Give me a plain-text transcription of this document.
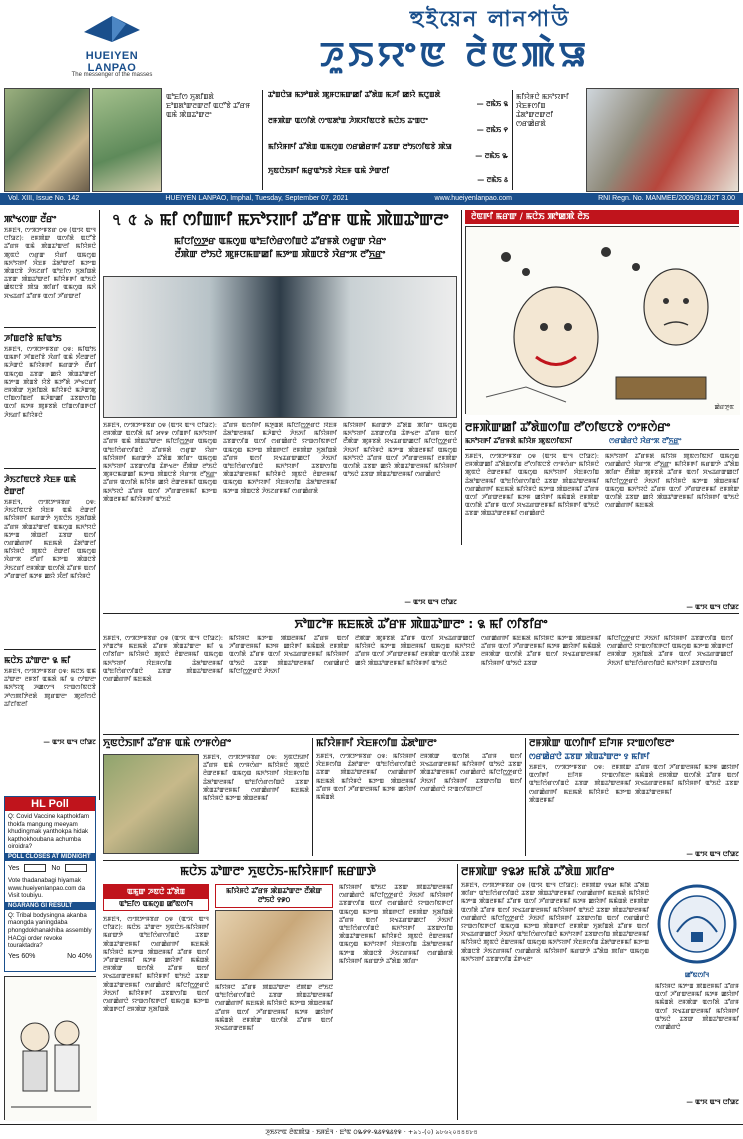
HUEIYEN LANPAO
The messenger of the masses
হুইয়েন লানপাউ
ꯍꯨꯏꯌꯦꯟ ꯂꯥꯟꯄꯥꯎ
ꯑꯣꯐꯤꯁ ꯈꯨꯗꯤꯡꯗꯥ ꯐꯣꯡꯗꯣꯛꯂꯛꯂꯤ ꯑꯅꯧꯕꯥ ꯊꯧꯔꯝ ꯑꯃꯥ ꯄꯥꯡꯊꯣꯛꯂꯦ
ꯊꯣꯡꯅꯥꯎ ꯃꯇꯣꯡꯗꯥ ꯄꯨꯝꯅꯃꯛꯀꯤ ꯊꯧꯗꯥꯡ ꯃꯍꯤ ꯀꯌꯥ ꯃꯅꯨꯡꯗꯥ
— ꯂꯃꯥꯏ ꯲
ꯂꯝꯄꯥꯛ ꯑꯁꯤꯗꯥ ꯁꯦꯟꯗꯣꯡ ꯍꯥꯞꯆꯤꯟꯅꯕꯥ ꯃꯅꯥꯏ ꯊꯦꯡꯅꯦ
— ꯂꯃꯥꯏ ꯵
ꯃꯤꯌꯥꯝꯒꯤ ꯊꯧꯗꯥꯡ ꯑꯃꯁꯨꯡ ꯁꯔꯀꯥꯔꯒꯤ ꯊꯕꯛ ꯂꯣꯏꯁꯤꯟꯕꯥ ꯄꯥꯎ
— ꯂꯃꯥꯏ ꯳
ꯈꯨꯟꯅꯥꯏꯒꯤ ꯃꯔꯨꯑꯣꯏꯕꯥ ꯋꯥꯐꯝ ꯑꯃꯥ ꯇꯥꯛꯂꯤ
— ꯂꯃꯥꯏ ꯴
ꯃꯤꯌꯥꯝꯅꯥ ꯃꯈꯣꯌꯒꯤ ꯋꯥꯐꯝꯁꯤꯡ ꯊꯥꯗꯣꯛꯂꯛꯂꯤ ꯁꯔꯀꯥꯔꯗꯥ
Vol. XIII, Issue No. 142	HUEIYEN LANPAO, Imphal, Tuesday, September 07, 2021	www.hueiyenlanpao.com	RNI Regn. No. MANMEE/2009/31282T 3.00
ꯄꯣꯠꯁꯛ ꯂꯩꯔꯦ
ꯏꯝꯐꯥꯜ, ꯁꯦꯞꯇꯦꯝꯕꯔ ꯰꯶ (ꯑꯦꯆ ꯑꯦꯜ ꯅꯤꯎꯖ): ꯂꯝꯄꯥꯛ ꯑꯁꯤꯗꯥ ꯑꯅꯧꯕꯥ ꯊꯧꯔꯝ ꯑꯃꯥ ꯄꯥꯡꯊꯣꯛꯂꯤ ꯃꯤꯌꯥꯝꯅꯥ ꯄꯨꯟꯅꯥ ꯁꯔꯨꯛ ꯌꯥꯔꯤ ꯑꯃꯁꯨꯡ ꯃꯈꯣꯌꯒꯤ ꯋꯥꯐꯝ ꯊꯥꯗꯣꯛꯂꯤ ꯃꯇꯦꯡ ꯄꯥꯡꯅꯕꯥ ꯍꯥꯏꯖꯔꯤ ꯑꯣꯐꯤꯁ ꯈꯨꯗꯤꯡꯗꯥ ꯊꯕꯛ ꯄꯥꯡꯊꯣꯛꯂꯤ ꯃꯤꯌꯥꯝꯒꯤ ꯑꯣꯏꯅꯥ ꯀꯥꯟꯅꯕꯥ ꯄꯥꯎ ꯄꯤꯔꯤ ꯑꯃꯁꯨꯡ ꯃꯈꯥ ꯆꯠꯊꯔꯤ ꯊꯧꯔꯝ ꯑꯁꯤ ꯍꯧꯔꯛꯂꯤ
ꯍꯤꯡꯂꯤꯕꯥ ꯃꯤꯑꯣꯏ
ꯏꯝꯐꯥꯜ, ꯁꯦꯞꯇꯦꯝꯕꯔ ꯰꯶: ꯃꯤꯑꯣꯏ ꯑꯃꯒꯤ ꯍꯤꯡꯂꯤꯕꯥ ꯋꯥꯔꯤ ꯑꯃꯥ ꯈꯪꯂꯛꯂꯤ ꯃꯍꯥꯛꯅꯥ ꯃꯤꯌꯥꯝꯒꯤ ꯃꯔꯛꯇꯥ ꯂꯩꯔꯤ ꯑꯃꯁꯨꯡ ꯊꯕꯛ ꯀꯌꯥ ꯄꯥꯡꯊꯣꯛꯂꯤ ꯃꯇꯦꯡ ꯄꯥꯡꯕꯥ ꯌꯥꯕꯥ ꯃꯇꯧꯗꯥ ꯍꯣꯠꯅꯔꯤ ꯂꯝꯄꯥꯛ ꯈꯨꯗꯤꯡꯗꯥ ꯃꯤꯌꯥꯝꯅꯥ ꯃꯍꯥꯛꯄꯨ ꯅꯤꯡꯁꯤꯡꯂꯤ ꯃꯍꯥꯛꯀꯤ ꯊꯕꯛꯁꯤꯡ ꯑꯁꯤ ꯃꯇꯝ ꯄꯨꯝꯕꯗꯥ ꯅꯤꯡꯁꯤꯡꯒꯅꯤ ꯍꯥꯏꯔꯤ ꯃꯤꯌꯥꯝꯅꯥ
ꯍꯥꯏꯖꯤꯟꯅꯕꯥ ꯋꯥꯐꯝ ꯑꯃꯥ ꯂꯥꯛꯂꯤ
ꯏꯝꯐꯥꯜ, ꯁꯦꯞꯇꯦꯝꯕꯔ ꯰꯶: ꯍꯥꯏꯖꯤꯟꯅꯕꯥ ꯋꯥꯐꯝ ꯑꯃꯥ ꯂꯥꯛꯂꯤ ꯃꯤꯌꯥꯝꯒꯤ ꯃꯔꯛꯇꯥ ꯈꯨꯟꯅꯥꯏ ꯈꯨꯗꯤꯡꯗꯥ ꯊꯧꯔꯝ ꯄꯥꯡꯊꯣꯛꯂꯤ ꯑꯃꯁꯨꯡ ꯃꯈꯣꯌꯅꯥ ꯃꯇꯦꯡ ꯄꯥꯡꯂꯤ ꯊꯕꯛ ꯑꯁꯤ ꯁꯔꯀꯥꯔꯒꯤ ꯃꯐꯃꯗꯥ ꯊꯥꯗꯣꯛꯂꯤ ꯃꯤꯌꯥꯝꯅꯥ ꯄꯨꯟꯅꯥ ꯂꯥꯛꯂꯤ ꯑꯃꯁꯨꯡ ꯋꯥꯔꯦꯞ ꯂꯧꯔꯤ ꯃꯇꯦꯡ ꯄꯥꯡꯅꯕꯥ ꯍꯥꯏꯖꯔꯤ ꯂꯝꯄꯥꯛ ꯑꯁꯤꯗꯥ ꯊꯧꯔꯝ ꯑꯁꯤ ꯍꯧꯔꯛꯂꯤ ꯃꯇꯝ ꯀꯌꯥ ꯆꯪꯂꯤ ꯃꯤꯌꯥꯝꯅꯥ
ꯃꯅꯥꯏ ꯊꯣꯛꯂꯦ ꯲ ꯃꯤ
ꯏꯝꯐꯥꯜ, ꯁꯦꯞꯇꯦꯝꯕꯔ ꯰꯶: ꯃꯅꯥꯏ ꯑꯃꯥ ꯊꯣꯛꯂꯦ ꯂꯝꯕꯤ ꯑꯃꯗꯥ ꯃꯤ ꯲ ꯁꯣꯛꯂꯦ ꯃꯈꯣꯌꯕꯨ ꯍꯀꯁꯦꯜ ꯌꯦꯡꯁꯤꯟꯅꯕꯥ ꯍꯣꯁꯄꯤꯇꯥꯂꯗꯥ ꯄꯨꯔꯛꯂꯦ ꯄꯨꯂꯤꯁꯅꯥ ꯊꯤꯖꯤꯟꯂꯤ
— ꯑꯦꯆ ꯑꯦꯜ ꯅꯤꯎꯖ
৭ ৫ ৯ ꯃꯤ ꯁꯤꯡꯒꯤ ꯃꯈꯣꯌꯒꯤ ꯊꯧꯔꯝ ꯑꯃꯥ ꯄꯥꯡꯊꯣꯛꯂꯦ
ꯃꯤꯅꯤꯁ꯭ꯇꯔ ꯑꯃꯁꯨꯡ ꯑꯣꯐꯤꯁꯥꯔꯁꯤꯡꯅꯥ ꯊꯧꯔꯝꯗꯥ ꯁꯔꯨꯛ ꯌꯥꯔꯦ
ꯂꯩꯄꯥꯛ ꯂꯣꯏꯅꯥ ꯄꯨꯝꯅꯃꯛꯀꯤ ꯃꯇꯦꯡ ꯄꯥꯡꯅꯕꯥ ꯋꯥꯔꯦꯞ ꯂꯧꯈ꯭ꯔꯦ
ꯏꯝꯐꯥꯜ, ꯁꯦꯞꯇꯦꯝꯕꯔ ꯰꯶ (ꯑꯦꯆ ꯑꯦꯜ ꯅꯤꯎꯖ): ꯂꯝꯄꯥꯛ ꯑꯁꯤꯗꯥ ꯃꯤ ꯷꯵꯹ ꯁꯤꯡꯒꯤ ꯃꯈꯣꯌꯒꯤ ꯊꯧꯔꯝ ꯑꯃꯥ ꯄꯥꯡꯊꯣꯛꯂꯦ ꯃꯤꯅꯤꯁ꯭ꯇꯔ ꯑꯃꯁꯨꯡ ꯑꯣꯐꯤꯁꯥꯔꯁꯤꯡꯅꯥ ꯊꯧꯔꯝꯗꯥ ꯁꯔꯨꯛ ꯌꯥꯔꯦ ꯃꯤꯌꯥꯝꯒꯤ ꯃꯔꯛꯇꯥ ꯊꯧꯗꯥꯡ ꯄꯤꯔꯦ ꯑꯃꯁꯨꯡ ꯃꯈꯣꯌꯒꯤ ꯊꯕꯛꯁꯤꯡ ꯊꯥꯒꯠꯂꯦ ꯂꯩꯄꯥꯛ ꯂꯣꯏꯅꯥ ꯄꯨꯝꯅꯃꯛꯀꯤ ꯃꯇꯦꯡ ꯄꯥꯡꯅꯕꯥ ꯋꯥꯔꯦꯞ ꯂꯧꯈ꯭ꯔꯦ ꯊꯧꯔꯝ ꯑꯁꯤꯗꯥ ꯃꯤꯌꯥꯝ ꯀꯌꯥ ꯂꯥꯛꯂꯝꯃꯤ ꯑꯃꯁꯨꯡ ꯃꯈꯣꯌꯅꯥ ꯊꯧꯔꯝ ꯑꯁꯤ ꯍꯧꯔꯛꯂꯝꯃꯤ ꯃꯇꯦꯡ ꯄꯥꯡꯂꯝꯃꯤ ꯃꯤꯌꯥꯝꯒꯤ ꯑꯣꯏꯅꯥ
ꯊꯧꯔꯝ ꯑꯁꯤꯒꯤ ꯃꯇꯨꯡꯗꯥ ꯃꯤꯅꯤꯁ꯭ꯇꯔꯅꯥ ꯋꯥꯐꯝ ꯊꯥꯗꯣꯛꯂꯝꯃꯤ ꯃꯍꯥꯛꯅꯥ ꯍꯥꯏꯈꯤ ꯃꯤꯌꯥꯝꯒꯤ ꯊꯕꯛꯁꯤꯡ ꯑꯁꯤ ꯁꯔꯀꯥꯔꯅꯥ ꯌꯦꯡꯁꯤꯟꯒꯅꯤ ꯑꯃꯁꯨꯡ ꯃꯇꯦꯡ ꯄꯥꯡꯒꯅꯤ ꯂꯝꯄꯥꯛ ꯈꯨꯗꯤꯡꯗꯥ ꯊꯧꯔꯝ ꯑꯁꯤ ꯆꯠꯊꯔꯛꯀꯅꯤ ꯍꯥꯏꯈꯤ ꯑꯣꯐꯤꯁꯥꯔꯁꯤꯡꯅꯥ ꯃꯈꯣꯌꯒꯤ ꯊꯕꯛꯁꯤꯡ ꯄꯥꯡꯊꯣꯛꯂꯝꯃꯤ ꯃꯤꯌꯥꯝꯅꯥ ꯄꯨꯟꯅꯥ ꯂꯥꯛꯂꯝꯃꯤ ꯑꯃꯁꯨꯡ ꯃꯈꯣꯌꯒꯤ ꯋꯥꯐꯝꯁꯤꯡ ꯊꯥꯗꯣꯛꯂꯝꯃꯤ ꯃꯇꯦꯡ ꯄꯥꯡꯅꯕꯥ ꯍꯥꯏꯖꯔꯝꯃꯤ ꯁꯔꯀꯥꯔꯗꯥ
ꯃꯤꯌꯥꯝꯒꯤ ꯃꯔꯛꯇꯥ ꯊꯧꯗꯥꯡ ꯄꯤꯔꯦ ꯑꯃꯁꯨꯡ ꯃꯈꯣꯌꯒꯤ ꯊꯕꯛꯁꯤꯡ ꯊꯥꯒꯠꯂꯦ ꯊꯧꯔꯝ ꯑꯁꯤ ꯂꯩꯄꯥꯛ ꯄꯨꯝꯕꯗꯥ ꯆꯠꯊꯔꯛꯀꯅꯤ ꯃꯤꯅꯤꯁ꯭ꯇꯔꯅꯥ ꯍꯥꯏꯈꯤ ꯃꯤꯌꯥꯝꯅꯥ ꯃꯇꯦꯡ ꯄꯥꯡꯂꯝꯃꯤ ꯑꯃꯁꯨꯡ ꯃꯈꯣꯌꯅꯥ ꯊꯧꯔꯝ ꯑꯁꯤ ꯍꯧꯔꯛꯂꯝꯃꯤ ꯂꯝꯄꯥꯛ ꯑꯁꯤꯗꯥ ꯊꯕꯛ ꯀꯌꯥ ꯄꯥꯡꯊꯣꯛꯂꯝꯃꯤ ꯃꯤꯌꯥꯝꯒꯤ ꯑꯣꯏꯅꯥ ꯊꯕꯛ ꯄꯥꯡꯊꯣꯛꯂꯝꯃꯤ ꯁꯔꯀꯥꯔꯅꯥ
— ꯑꯦꯆ ꯑꯦꯜ ꯅꯤꯎꯖ
ꯂꯥꯟꯒꯤ ꯃꯔꯛ / ꯃꯅꯥꯏ ꯄꯣꯀꯄꯥ ꯂꯥꯏ
ꯀꯥꯔꯇꯨꯟ
ꯂꯝꯄꯥꯛꯀꯤ ꯊꯧꯗꯥꯡꯁꯤꯡ ꯂꯧꯁꯤꯟꯅꯕꯥ ꯁꯦꯝꯁꯥꯔꯦ
ꯃꯈꯣꯌꯒꯤ ꯊꯧꯔꯝꯗꯥ ꯃꯤꯌꯥꯝ ꯄꯨꯟꯁꯤꯟꯈꯤ	ꯁꯔꯀꯥꯔꯅꯥ ꯋꯥꯔꯦꯞ ꯂꯧꯈ꯭ꯔꯦ
ꯏꯝꯐꯥꯜ, ꯁꯦꯞꯇꯦꯝꯕꯔ ꯰꯶ (ꯑꯦꯆ ꯑꯦꯜ ꯅꯤꯎꯖ): ꯂꯝꯄꯥꯛꯀꯤ ꯊꯧꯗꯥꯡꯁꯤꯡ ꯂꯧꯁꯤꯟꯅꯕꯥ ꯁꯦꯝꯁꯥꯔꯦ ꯃꯤꯌꯥꯝꯅꯥ ꯄꯨꯟꯅꯥ ꯂꯥꯛꯂꯝꯃꯤ ꯑꯃꯁꯨꯡ ꯃꯈꯣꯌꯒꯤ ꯋꯥꯐꯝꯁꯤꯡ ꯊꯥꯗꯣꯛꯂꯝꯃꯤ ꯑꯣꯐꯤꯁꯥꯔꯁꯤꯡꯅꯥ ꯊꯕꯛ ꯄꯥꯡꯊꯣꯛꯂꯝꯃꯤ ꯁꯔꯀꯥꯔꯒꯤ ꯃꯐꯃꯗꯥ ꯃꯤꯌꯥꯝꯅꯥ ꯃꯇꯦꯡ ꯄꯥꯡꯂꯝꯃꯤ ꯊꯧꯔꯝ ꯑꯁꯤ ꯍꯧꯔꯛꯂꯝꯃꯤ ꯃꯇꯝ ꯀꯌꯥꯒꯤ ꯃꯃꯥꯡꯗꯥ ꯂꯝꯄꯥꯛ ꯑꯁꯤꯗꯥ ꯊꯧꯔꯝ ꯑꯁꯤ ꯆꯠꯊꯔꯛꯂꯝꯃꯤ ꯃꯤꯌꯥꯝꯒꯤ ꯑꯣꯏꯅꯥ ꯊꯕꯛ ꯄꯥꯡꯊꯣꯛꯂꯝꯃꯤ ꯁꯔꯀꯥꯔꯅꯥ
ꯃꯈꯣꯌꯒꯤ ꯊꯧꯔꯝꯗꯥ ꯃꯤꯌꯥꯝ ꯄꯨꯟꯁꯤꯟꯈꯤ ꯑꯃꯁꯨꯡ ꯁꯔꯀꯥꯔꯅꯥ ꯋꯥꯔꯦꯞ ꯂꯧꯈ꯭ꯔꯦ ꯃꯤꯌꯥꯝꯒꯤ ꯃꯔꯛꯇꯥ ꯊꯧꯗꯥꯡ ꯄꯤꯔꯦ ꯂꯩꯄꯥꯛ ꯄꯨꯝꯕꯗꯥ ꯊꯧꯔꯝ ꯑꯁꯤ ꯆꯠꯊꯔꯛꯀꯅꯤ ꯃꯤꯅꯤꯁ꯭ꯇꯔꯅꯥ ꯍꯥꯏꯈꯤ ꯃꯤꯌꯥꯝꯅꯥ ꯃꯇꯦꯡ ꯄꯥꯡꯂꯝꯃꯤ ꯑꯃꯁꯨꯡ ꯃꯈꯣꯌꯅꯥ ꯊꯧꯔꯝ ꯑꯁꯤ ꯍꯧꯔꯛꯂꯝꯃꯤ ꯂꯝꯄꯥꯛ ꯑꯁꯤꯗꯥ ꯊꯕꯛ ꯀꯌꯥ ꯄꯥꯡꯊꯣꯛꯂꯝꯃꯤ ꯃꯤꯌꯥꯝꯒꯤ ꯑꯣꯏꯅꯥ ꯁꯔꯀꯥꯔꯒꯤ ꯃꯐꯃꯗꯥ
— ꯑꯦꯆ ꯑꯦꯜ ꯅꯤꯎꯖ
ꯈꯣꯡꯖꯣꯝ ꯃꯐꯃꯗꯥ ꯊꯧꯔꯝ ꯄꯥꯡꯊꯣꯛꯂꯦ : ꯲ ꯃꯤ ꯁꯤꯕꯤꯔꯦ
ꯏꯝꯐꯥꯜ, ꯁꯦꯞꯇꯦꯝꯕꯔ ꯰꯶ (ꯑꯦꯆ ꯑꯦꯜ ꯅꯤꯎꯖ): ꯈꯣꯡꯖꯣꯝ ꯃꯐꯃꯗꯥ ꯊꯧꯔꯝ ꯄꯥꯡꯊꯣꯛꯂꯦ ꯃꯤ ꯲ ꯁꯤꯕꯤꯔꯦ ꯃꯤꯌꯥꯝꯅꯥ ꯄꯨꯟꯅꯥ ꯂꯥꯛꯂꯝꯃꯤ ꯑꯃꯁꯨꯡ ꯃꯈꯣꯌꯒꯤ ꯋꯥꯐꯝꯁꯤꯡ ꯊꯥꯗꯣꯛꯂꯝꯃꯤ ꯑꯣꯐꯤꯁꯥꯔꯁꯤꯡꯅꯥ ꯊꯕꯛ ꯄꯥꯡꯊꯣꯛꯂꯝꯃꯤ ꯁꯔꯀꯥꯔꯒꯤ ꯃꯐꯃꯗꯥ
ꯃꯤꯌꯥꯝꯅꯥ ꯃꯇꯦꯡ ꯄꯥꯡꯂꯝꯃꯤ ꯊꯧꯔꯝ ꯑꯁꯤ ꯍꯧꯔꯛꯂꯝꯃꯤ ꯃꯇꯝ ꯀꯌꯥꯒꯤ ꯃꯃꯥꯡꯗꯥ ꯂꯝꯄꯥꯛ ꯑꯁꯤꯗꯥ ꯊꯧꯔꯝ ꯑꯁꯤ ꯆꯠꯊꯔꯛꯂꯝꯃꯤ ꯃꯤꯌꯥꯝꯒꯤ ꯑꯣꯏꯅꯥ ꯊꯕꯛ ꯄꯥꯡꯊꯣꯛꯂꯝꯃꯤ ꯁꯔꯀꯥꯔꯅꯥ ꯃꯤꯅꯤꯁ꯭ꯇꯔꯅꯥ ꯍꯥꯏꯈꯤ
ꯂꯩꯄꯥꯛ ꯄꯨꯝꯕꯗꯥ ꯊꯧꯔꯝ ꯑꯁꯤ ꯆꯠꯊꯔꯛꯀꯅꯤ ꯃꯤꯌꯥꯝꯅꯥ ꯃꯇꯦꯡ ꯄꯥꯡꯂꯝꯃꯤ ꯑꯃꯁꯨꯡ ꯃꯈꯣꯌꯅꯥ ꯊꯧꯔꯝ ꯑꯁꯤ ꯍꯧꯔꯛꯂꯝꯃꯤ ꯂꯝꯄꯥꯛ ꯑꯁꯤꯗꯥ ꯊꯕꯛ ꯀꯌꯥ ꯄꯥꯡꯊꯣꯛꯂꯝꯃꯤ ꯃꯤꯌꯥꯝꯒꯤ ꯑꯣꯏꯅꯥ
ꯁꯔꯀꯥꯔꯒꯤ ꯃꯐꯃꯗꯥ ꯃꯤꯌꯥꯝꯅꯥ ꯃꯇꯦꯡ ꯄꯥꯡꯂꯝꯃꯤ ꯊꯧꯔꯝ ꯑꯁꯤ ꯍꯧꯔꯛꯂꯝꯃꯤ ꯃꯇꯝ ꯀꯌꯥꯒꯤ ꯃꯃꯥꯡꯗꯥ ꯂꯝꯄꯥꯛ ꯑꯁꯤꯗꯥ ꯊꯧꯔꯝ ꯑꯁꯤ ꯆꯠꯊꯔꯛꯂꯝꯃꯤ ꯃꯤꯌꯥꯝꯒꯤ ꯑꯣꯏꯅꯥ ꯊꯕꯛ
ꯃꯤꯅꯤꯁ꯭ꯇꯔꯅꯥ ꯍꯥꯏꯈꯤ ꯃꯤꯌꯥꯝꯒꯤ ꯊꯕꯛꯁꯤꯡ ꯑꯁꯤ ꯁꯔꯀꯥꯔꯅꯥ ꯌꯦꯡꯁꯤꯟꯒꯅꯤ ꯑꯃꯁꯨꯡ ꯃꯇꯦꯡ ꯄꯥꯡꯒꯅꯤ ꯂꯝꯄꯥꯛ ꯈꯨꯗꯤꯡꯗꯥ ꯊꯧꯔꯝ ꯑꯁꯤ ꯆꯠꯊꯔꯛꯀꯅꯤ ꯍꯥꯏꯈꯤ ꯑꯣꯐꯤꯁꯥꯔꯁꯤꯡꯅꯥ ꯃꯈꯣꯌꯒꯤ ꯊꯕꯛꯁꯤꯡ
ꯈꯨꯟꯅꯥꯏꯒꯤ ꯊꯧꯔꯝ ꯑꯃꯥ ꯁꯦꯝꯁꯥꯔꯦ
ꯏꯝꯐꯥꯜ, ꯁꯦꯞꯇꯦꯝꯕꯔ ꯰꯶: ꯈꯨꯟꯅꯥꯏꯒꯤ ꯊꯧꯔꯝ ꯑꯃꯥ ꯁꯦꯝꯁꯥꯔꯦ ꯃꯤꯌꯥꯝꯅꯥ ꯄꯨꯟꯅꯥ ꯂꯥꯛꯂꯝꯃꯤ ꯑꯃꯁꯨꯡ ꯃꯈꯣꯌꯒꯤ ꯋꯥꯐꯝꯁꯤꯡ ꯊꯥꯗꯣꯛꯂꯝꯃꯤ ꯑꯣꯐꯤꯁꯥꯔꯁꯤꯡꯅꯥ ꯊꯕꯛ ꯄꯥꯡꯊꯣꯛꯂꯝꯃꯤ ꯁꯔꯀꯥꯔꯒꯤ ꯃꯐꯃꯗꯥ ꯃꯤꯌꯥꯝꯅꯥ ꯃꯇꯦꯡ ꯄꯥꯡꯂꯝꯃꯤ
ꯃꯤꯌꯥꯝꯒꯤ ꯋꯥꯐꯝꯁꯤꯡ ꯊꯥꯗꯣꯛꯂꯦ
ꯏꯝꯐꯥꯜ, ꯁꯦꯞꯇꯦꯝꯕꯔ ꯰꯶: ꯃꯤꯌꯥꯝꯒꯤ ꯋꯥꯐꯝꯁꯤꯡ ꯊꯥꯗꯣꯛꯂꯦ ꯑꯣꯐꯤꯁꯥꯔꯁꯤꯡꯅꯥ ꯊꯕꯛ ꯄꯥꯡꯊꯣꯛꯂꯝꯃꯤ ꯁꯔꯀꯥꯔꯒꯤ ꯃꯐꯃꯗꯥ ꯃꯤꯌꯥꯝꯅꯥ ꯃꯇꯦꯡ ꯄꯥꯡꯂꯝꯃꯤ ꯊꯧꯔꯝ ꯑꯁꯤ ꯍꯧꯔꯛꯂꯝꯃꯤ ꯃꯇꯝ ꯀꯌꯥꯒꯤ ꯃꯃꯥꯡꯗꯥ
ꯂꯝꯄꯥꯛ ꯑꯁꯤꯗꯥ ꯊꯧꯔꯝ ꯑꯁꯤ ꯆꯠꯊꯔꯛꯂꯝꯃꯤ ꯃꯤꯌꯥꯝꯒꯤ ꯑꯣꯏꯅꯥ ꯊꯕꯛ ꯄꯥꯡꯊꯣꯛꯂꯝꯃꯤ ꯁꯔꯀꯥꯔꯅꯥ ꯃꯤꯅꯤꯁ꯭ꯇꯔꯅꯥ ꯍꯥꯏꯈꯤ ꯃꯤꯌꯥꯝꯒꯤ ꯊꯕꯛꯁꯤꯡ ꯑꯁꯤ ꯁꯔꯀꯥꯔꯅꯥ ꯌꯦꯡꯁꯤꯟꯒꯅꯤ
ꯂꯝꯄꯥꯛ ꯑꯁꯤꯒꯤ ꯐꯤꯚꯝ ꯌꯦꯡꯁꯤꯟꯂꯦ
ꯁꯔꯀꯥꯔꯅꯥ ꯊꯕꯛ ꯄꯥꯡꯊꯣꯛꯂꯦ ꯱ ꯃꯤꯒꯤ
ꯏꯝꯐꯥꯜ, ꯁꯦꯞꯇꯦꯝꯕꯔ ꯰꯶: ꯂꯝꯄꯥꯛ ꯑꯁꯤꯒꯤ ꯐꯤꯚꯝ ꯌꯦꯡꯁꯤꯟꯂꯦ ꯑꯣꯐꯤꯁꯥꯔꯁꯤꯡꯅꯥ ꯊꯕꯛ ꯄꯥꯡꯊꯣꯛꯂꯝꯃꯤ ꯁꯔꯀꯥꯔꯒꯤ ꯃꯐꯃꯗꯥ ꯃꯤꯌꯥꯝꯅꯥ ꯃꯇꯦꯡ ꯄꯥꯡꯂꯝꯃꯤ
ꯊꯧꯔꯝ ꯑꯁꯤ ꯍꯧꯔꯛꯂꯝꯃꯤ ꯃꯇꯝ ꯀꯌꯥꯒꯤ ꯃꯃꯥꯡꯗꯥ ꯂꯝꯄꯥꯛ ꯑꯁꯤꯗꯥ ꯊꯧꯔꯝ ꯑꯁꯤ ꯆꯠꯊꯔꯛꯂꯝꯃꯤ ꯃꯤꯌꯥꯝꯒꯤ ꯑꯣꯏꯅꯥ ꯊꯕꯛ ꯄꯥꯡꯊꯣꯛꯂꯝꯃꯤ
— ꯑꯦꯆ ꯑꯦꯜ ꯅꯤꯎꯖ
HL Poll
Q: Covid Vaccine kapthokfam thokfa mangung meeyam khudingmak yanthokpa hidak kapthokhoubana achumba oiroidra?
POLL CLOSES AT MIDNIGHT
Yes	No
Vote thadanabagi hiyamak www.hueiyenlanpao.com da Visit toubiyu.
NGARANG GI RESULT
Q: Tribal bodysingna akanba maongda yaningdaba phongdokhanakhiba assembly HACgi order revoke touraktadra?
Yes 60%	No 40%
ꯃꯅꯥꯏ ꯊꯣꯛꯂꯦ ꯈꯨꯟꯅꯥꯏ-ꯃꯤꯌꯥꯝꯒꯤ ꯃꯔꯛꯇꯥ
ꯑꯃꯨꯛ ꯍꯟꯅꯥ ꯊꯧꯗꯥꯡ
ꯑꯣꯐꯤꯁ ꯑꯃꯁꯨꯡ ꯀꯧꯟꯁꯤꯜ
ꯏꯝꯐꯥꯜ, ꯁꯦꯞꯇꯦꯝꯕꯔ ꯰꯶ (ꯑꯦꯆ ꯑꯦꯜ ꯅꯤꯎꯖ): ꯃꯅꯥꯏ ꯊꯣꯛꯂꯦ ꯈꯨꯟꯅꯥꯏ-ꯃꯤꯌꯥꯝꯒꯤ ꯃꯔꯛꯇꯥ ꯑꯣꯐꯤꯁꯥꯔꯁꯤꯡꯅꯥ ꯊꯕꯛ ꯄꯥꯡꯊꯣꯛꯂꯝꯃꯤ ꯁꯔꯀꯥꯔꯒꯤ ꯃꯐꯃꯗꯥ ꯃꯤꯌꯥꯝꯅꯥ ꯃꯇꯦꯡ ꯄꯥꯡꯂꯝꯃꯤ ꯊꯧꯔꯝ ꯑꯁꯤ ꯍꯧꯔꯛꯂꯝꯃꯤ ꯃꯇꯝ ꯀꯌꯥꯒꯤ ꯃꯃꯥꯡꯗꯥ ꯂꯝꯄꯥꯛ ꯑꯁꯤꯗꯥ ꯊꯧꯔꯝ ꯑꯁꯤ ꯆꯠꯊꯔꯛꯂꯝꯃꯤ ꯃꯤꯌꯥꯝꯒꯤ ꯑꯣꯏꯅꯥ ꯊꯕꯛ ꯄꯥꯡꯊꯣꯛꯂꯝꯃꯤ ꯁꯔꯀꯥꯔꯅꯥ ꯃꯤꯅꯤꯁ꯭ꯇꯔꯅꯥ ꯍꯥꯏꯈꯤ ꯃꯤꯌꯥꯝꯒꯤ ꯊꯕꯛꯁꯤꯡ ꯑꯁꯤ ꯁꯔꯀꯥꯔꯅꯥ ꯌꯦꯡꯁꯤꯟꯒꯅꯤ ꯑꯃꯁꯨꯡ ꯃꯇꯦꯡ ꯄꯥꯡꯒꯅꯤ ꯂꯝꯄꯥꯛ ꯈꯨꯗꯤꯡꯗꯥ
ꯃꯤꯌꯥꯝꯅꯥ ꯊꯧꯔꯝ ꯄꯥꯡꯊꯣꯛꯂꯦ ꯂꯩꯄꯥꯛ ꯂꯣꯏꯅꯥ ꯱꯹꯰
ꯃꯤꯌꯥꯝꯅꯥ ꯊꯧꯔꯝ ꯄꯥꯡꯊꯣꯛꯂꯦ ꯂꯩꯄꯥꯛ ꯂꯣꯏꯅꯥ ꯑꯣꯐꯤꯁꯥꯔꯁꯤꯡꯅꯥ ꯊꯕꯛ ꯄꯥꯡꯊꯣꯛꯂꯝꯃꯤ ꯁꯔꯀꯥꯔꯒꯤ ꯃꯐꯃꯗꯥ ꯃꯤꯌꯥꯝꯅꯥ ꯃꯇꯦꯡ ꯄꯥꯡꯂꯝꯃꯤ ꯊꯧꯔꯝ ꯑꯁꯤ ꯍꯧꯔꯛꯂꯝꯃꯤ ꯃꯇꯝ ꯀꯌꯥꯒꯤ ꯃꯃꯥꯡꯗꯥ ꯂꯝꯄꯥꯛ ꯑꯁꯤꯗꯥ ꯊꯧꯔꯝ ꯑꯁꯤ ꯆꯠꯊꯔꯛꯂꯝꯃꯤ
ꯃꯤꯌꯥꯝꯒꯤ ꯑꯣꯏꯅꯥ ꯊꯕꯛ ꯄꯥꯡꯊꯣꯛꯂꯝꯃꯤ ꯁꯔꯀꯥꯔꯅꯥ ꯃꯤꯅꯤꯁ꯭ꯇꯔꯅꯥ ꯍꯥꯏꯈꯤ ꯃꯤꯌꯥꯝꯒꯤ ꯊꯕꯛꯁꯤꯡ ꯑꯁꯤ ꯁꯔꯀꯥꯔꯅꯥ ꯌꯦꯡꯁꯤꯟꯒꯅꯤ ꯑꯃꯁꯨꯡ ꯃꯇꯦꯡ ꯄꯥꯡꯒꯅꯤ ꯂꯝꯄꯥꯛ ꯈꯨꯗꯤꯡꯗꯥ ꯊꯧꯔꯝ ꯑꯁꯤ ꯆꯠꯊꯔꯛꯀꯅꯤ ꯍꯥꯏꯈꯤ ꯑꯣꯐꯤꯁꯥꯔꯁꯤꯡꯅꯥ ꯃꯈꯣꯌꯒꯤ ꯊꯕꯛꯁꯤꯡ ꯄꯥꯡꯊꯣꯛꯂꯝꯃꯤ ꯃꯤꯌꯥꯝꯅꯥ ꯄꯨꯟꯅꯥ ꯂꯥꯛꯂꯝꯃꯤ ꯑꯃꯁꯨꯡ ꯃꯈꯣꯌꯒꯤ ꯋꯥꯐꯝꯁꯤꯡ ꯊꯥꯗꯣꯛꯂꯝꯃꯤ ꯃꯇꯦꯡ ꯄꯥꯡꯅꯕꯥ ꯍꯥꯏꯖꯔꯝꯃꯤ ꯁꯔꯀꯥꯔꯗꯥ ꯃꯤꯌꯥꯝꯒꯤ ꯃꯔꯛꯇꯥ ꯊꯧꯗꯥꯡ ꯄꯤꯔꯦ
ꯂꯝꯄꯥꯛ ꯱꯲꯷ ꯃꯤꯗꯥ ꯊꯧꯗꯥꯡ ꯄꯤꯔꯦ
ꯏꯝꯐꯥꯜ, ꯁꯦꯞꯇꯦꯝꯕꯔ ꯰꯶ (ꯑꯦꯆ ꯑꯦꯜ ꯅꯤꯎꯖ): ꯂꯝꯄꯥꯛ ꯱꯲꯷ ꯃꯤꯗꯥ ꯊꯧꯗꯥꯡ ꯄꯤꯔꯦ ꯑꯣꯐꯤꯁꯥꯔꯁꯤꯡꯅꯥ ꯊꯕꯛ ꯄꯥꯡꯊꯣꯛꯂꯝꯃꯤ ꯁꯔꯀꯥꯔꯒꯤ ꯃꯐꯃꯗꯥ ꯃꯤꯌꯥꯝꯅꯥ ꯃꯇꯦꯡ ꯄꯥꯡꯂꯝꯃꯤ ꯊꯧꯔꯝ ꯑꯁꯤ ꯍꯧꯔꯛꯂꯝꯃꯤ ꯃꯇꯝ ꯀꯌꯥꯒꯤ ꯃꯃꯥꯡꯗꯥ ꯂꯝꯄꯥꯛ ꯑꯁꯤꯗꯥ ꯊꯧꯔꯝ ꯑꯁꯤ ꯆꯠꯊꯔꯛꯂꯝꯃꯤ ꯃꯤꯌꯥꯝꯒꯤ ꯑꯣꯏꯅꯥ ꯊꯕꯛ ꯄꯥꯡꯊꯣꯛꯂꯝꯃꯤ ꯁꯔꯀꯥꯔꯅꯥ ꯃꯤꯅꯤꯁ꯭ꯇꯔꯅꯥ ꯍꯥꯏꯈꯤ ꯃꯤꯌꯥꯝꯒꯤ ꯊꯕꯛꯁꯤꯡ ꯑꯁꯤ ꯁꯔꯀꯥꯔꯅꯥ ꯌꯦꯡꯁꯤꯟꯒꯅꯤ ꯑꯃꯁꯨꯡ ꯃꯇꯦꯡ ꯄꯥꯡꯒꯅꯤ ꯂꯝꯄꯥꯛ ꯈꯨꯗꯤꯡꯗꯥ ꯊꯧꯔꯝ ꯑꯁꯤ ꯆꯠꯊꯔꯛꯀꯅꯤ ꯍꯥꯏꯈꯤ ꯑꯣꯐꯤꯁꯥꯔꯁꯤꯡꯅꯥ ꯃꯈꯣꯌꯒꯤ ꯊꯕꯛꯁꯤꯡ ꯄꯥꯡꯊꯣꯛꯂꯝꯃꯤ ꯃꯤꯌꯥꯝꯅꯥ ꯄꯨꯟꯅꯥ ꯂꯥꯛꯂꯝꯃꯤ ꯑꯃꯁꯨꯡ ꯃꯈꯣꯌꯒꯤ ꯋꯥꯐꯝꯁꯤꯡ ꯊꯥꯗꯣꯛꯂꯝꯃꯤ ꯃꯇꯦꯡ ꯄꯥꯡꯅꯕꯥ ꯍꯥꯏꯖꯔꯝꯃꯤ ꯁꯔꯀꯥꯔꯗꯥ ꯃꯤꯌꯥꯝꯒꯤ ꯃꯔꯛꯇꯥ ꯊꯧꯗꯥꯡ ꯄꯤꯔꯦ ꯑꯃꯁꯨꯡ ꯃꯈꯣꯌꯒꯤ ꯊꯕꯛꯁꯤꯡ ꯊꯥꯒꯠꯂꯦ
ꯀꯧꯟꯁꯤꯜ
ꯃꯤꯌꯥꯝꯅꯥ ꯃꯇꯦꯡ ꯄꯥꯡꯂꯝꯃꯤ ꯊꯧꯔꯝ ꯑꯁꯤ ꯍꯧꯔꯛꯂꯝꯃꯤ ꯃꯇꯝ ꯀꯌꯥꯒꯤ ꯃꯃꯥꯡꯗꯥ ꯂꯝꯄꯥꯛ ꯑꯁꯤꯗꯥ ꯊꯧꯔꯝ ꯑꯁꯤ ꯆꯠꯊꯔꯛꯂꯝꯃꯤ ꯃꯤꯌꯥꯝꯒꯤ ꯑꯣꯏꯅꯥ ꯊꯕꯛ ꯄꯥꯡꯊꯣꯛꯂꯝꯃꯤ ꯁꯔꯀꯥꯔꯅꯥ
— ꯑꯦꯆ ꯑꯦꯜ ꯅꯤꯎꯖ
ꯍꯨꯏꯌꯦꯟ ꯂꯥꯟꯄꯥꯎ · ꯏꯝꯐꯥꯜ · ꯐꯣꯟ ꯰꯳꯸꯵-꯲꯴꯵꯲꯴꯱꯶ · +৯১-(০) ৯৮৬২০৪৪৪৮৪
